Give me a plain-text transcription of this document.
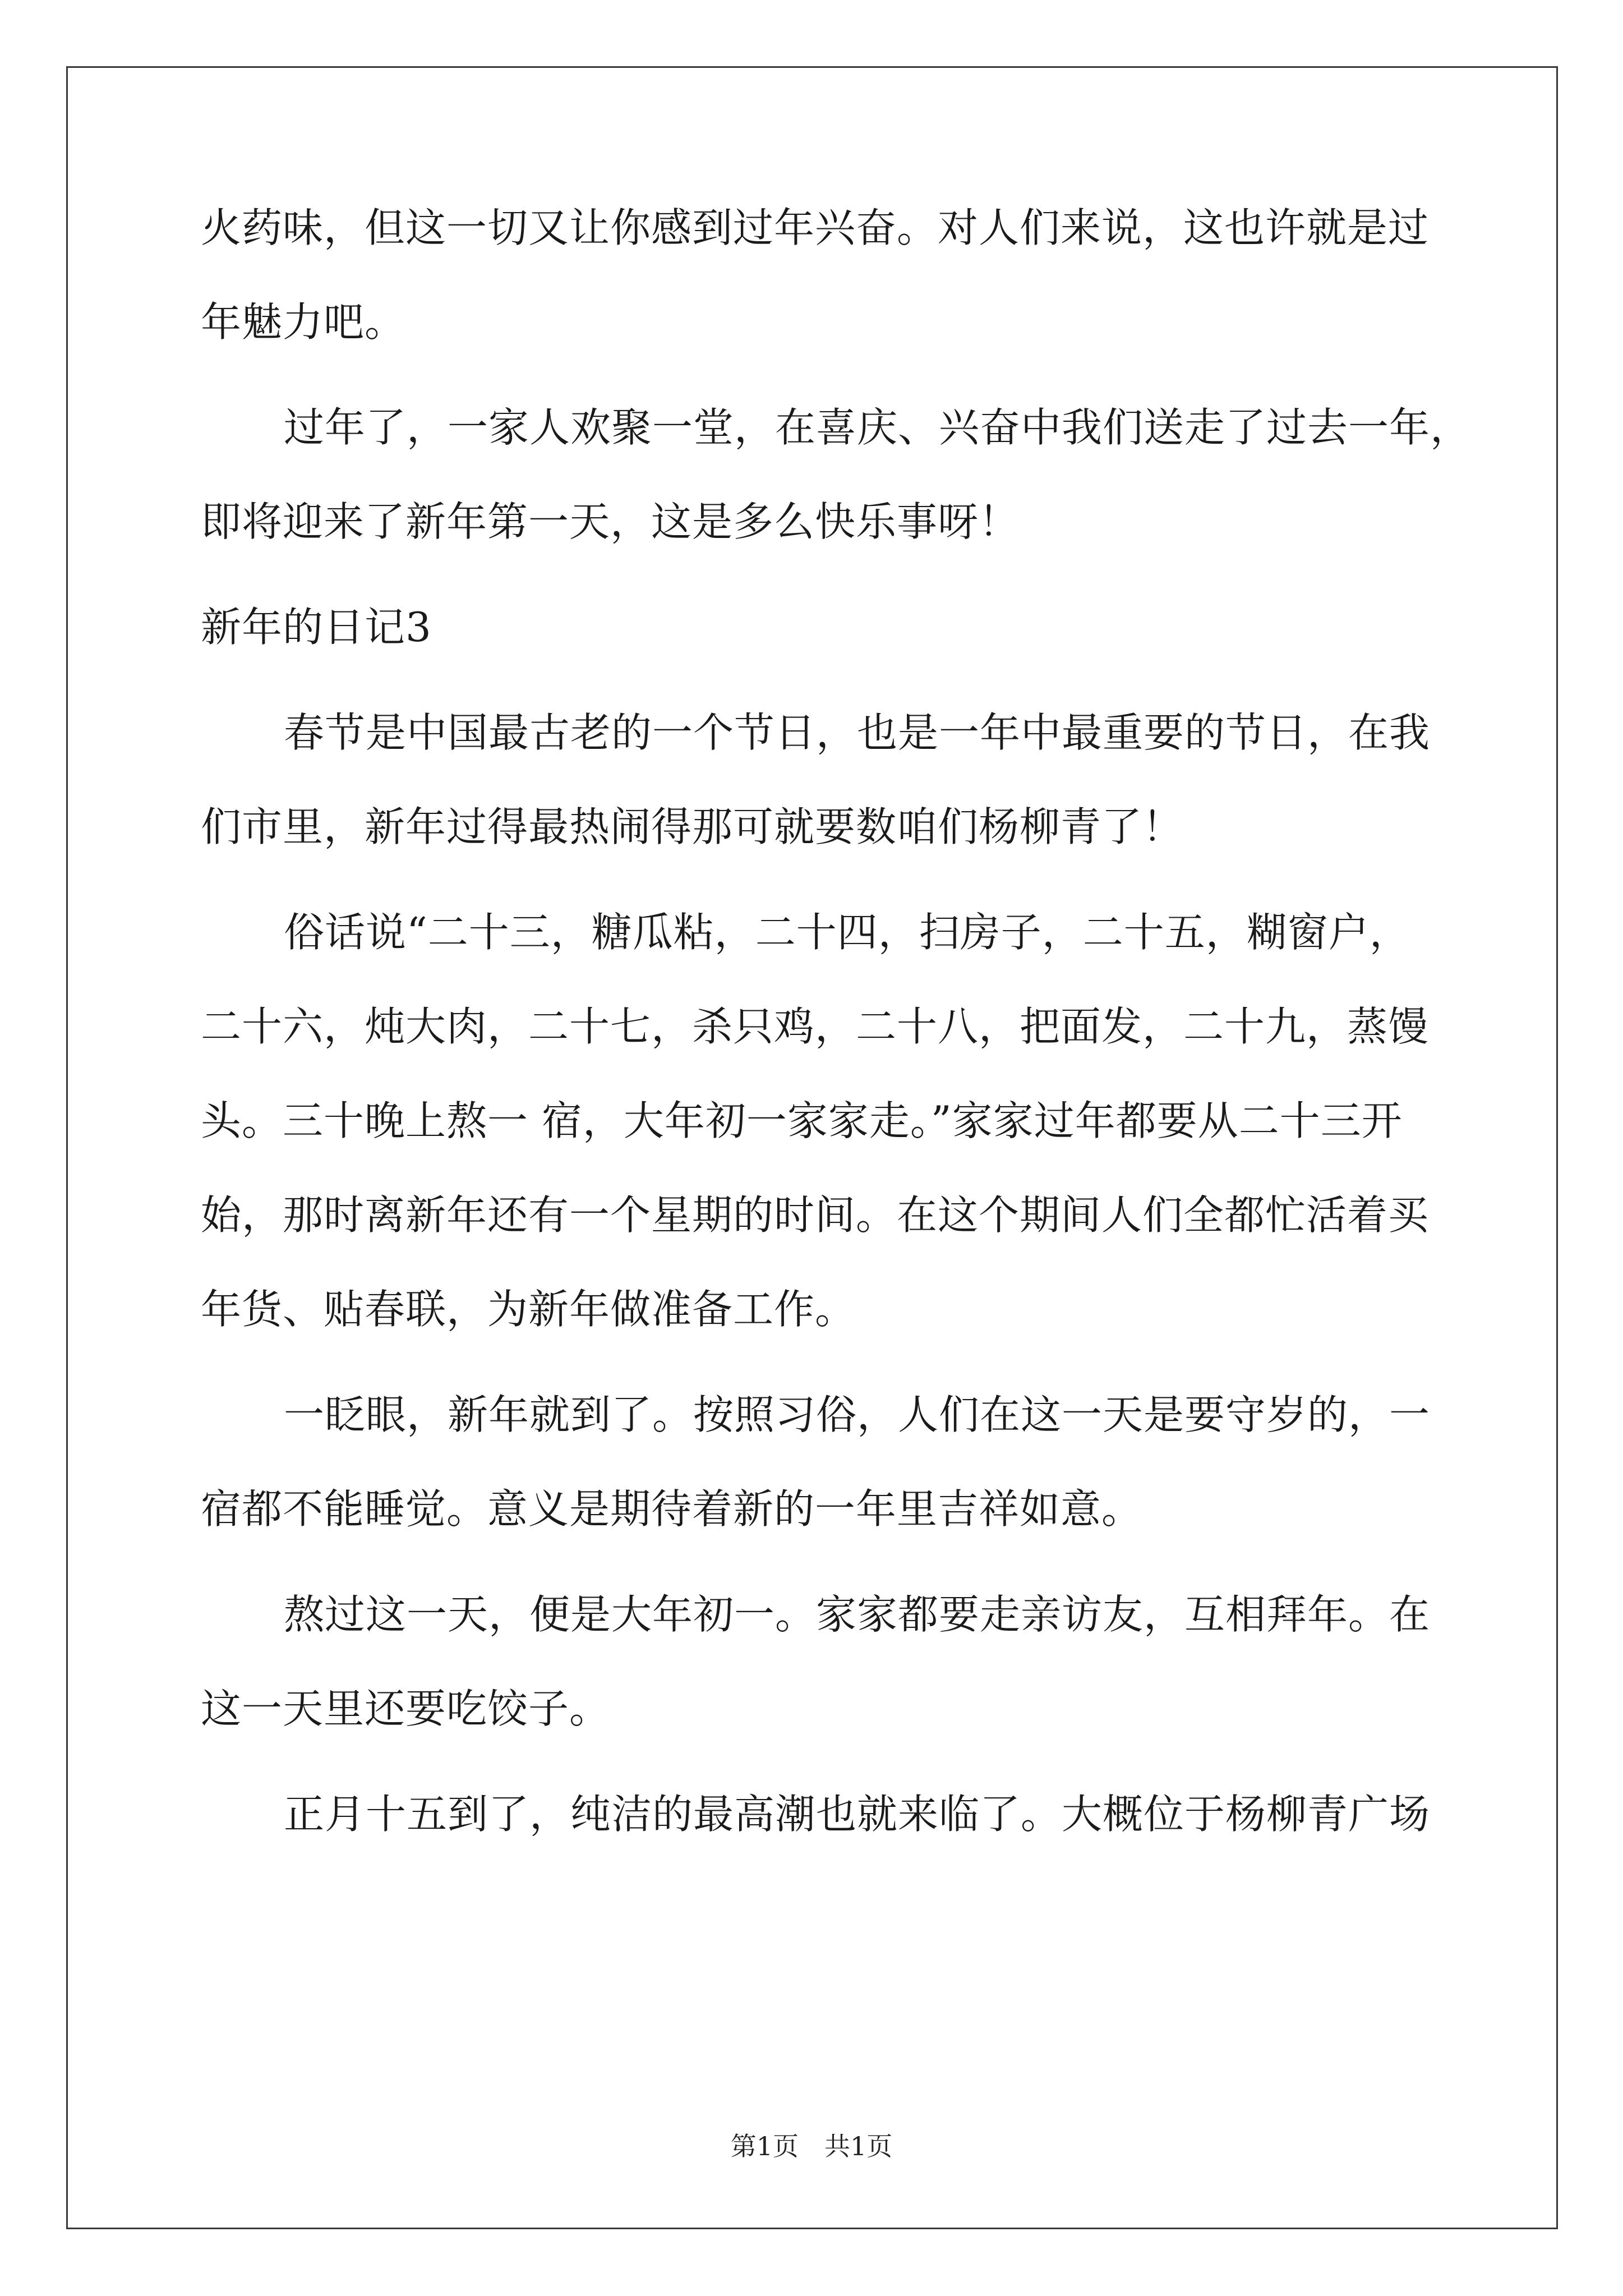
火药味，但这一切又让你感到过年兴奋。对人们来说，这也许就是过

年魅力吧。

过年了，一家人欢聚一堂，在喜庆、兴奋中我们送走了过去一年，

即将迎来了新年第一天，这是多么快乐事呀！

新年的日记3

春节是中国最古老的一个节日，也是一年中最重要的节日，在我

们市里，新年过得最热闹得那可就要数咱们杨柳青了！

俗话说“二十三，糖瓜粘，二十四，扫房子，二十五，糊窗户，

二十六，炖大肉，二十七，杀只鸡，二十八，把面发，二十九，蒸馒

头。三十晚上熬一 宿，大年初一家家走。”家家过年都要从二十三开

始，那时离新年还有一个星期的时间。在这个期间人们全都忙活着买

年货、贴春联，为新年做准备工作。

一眨眼，新年就到了。按照习俗，人们在这一天是要守岁的，一

宿都不能睡觉。意义是期待着新的一年里吉祥如意。

熬过这一天，便是大年初一。家家都要走亲访友，互相拜年。在

这一天里还要吃饺子。

正月十五到了，纯洁的最高潮也就来临了。大概位于杨柳青广场

第1页　共1页
